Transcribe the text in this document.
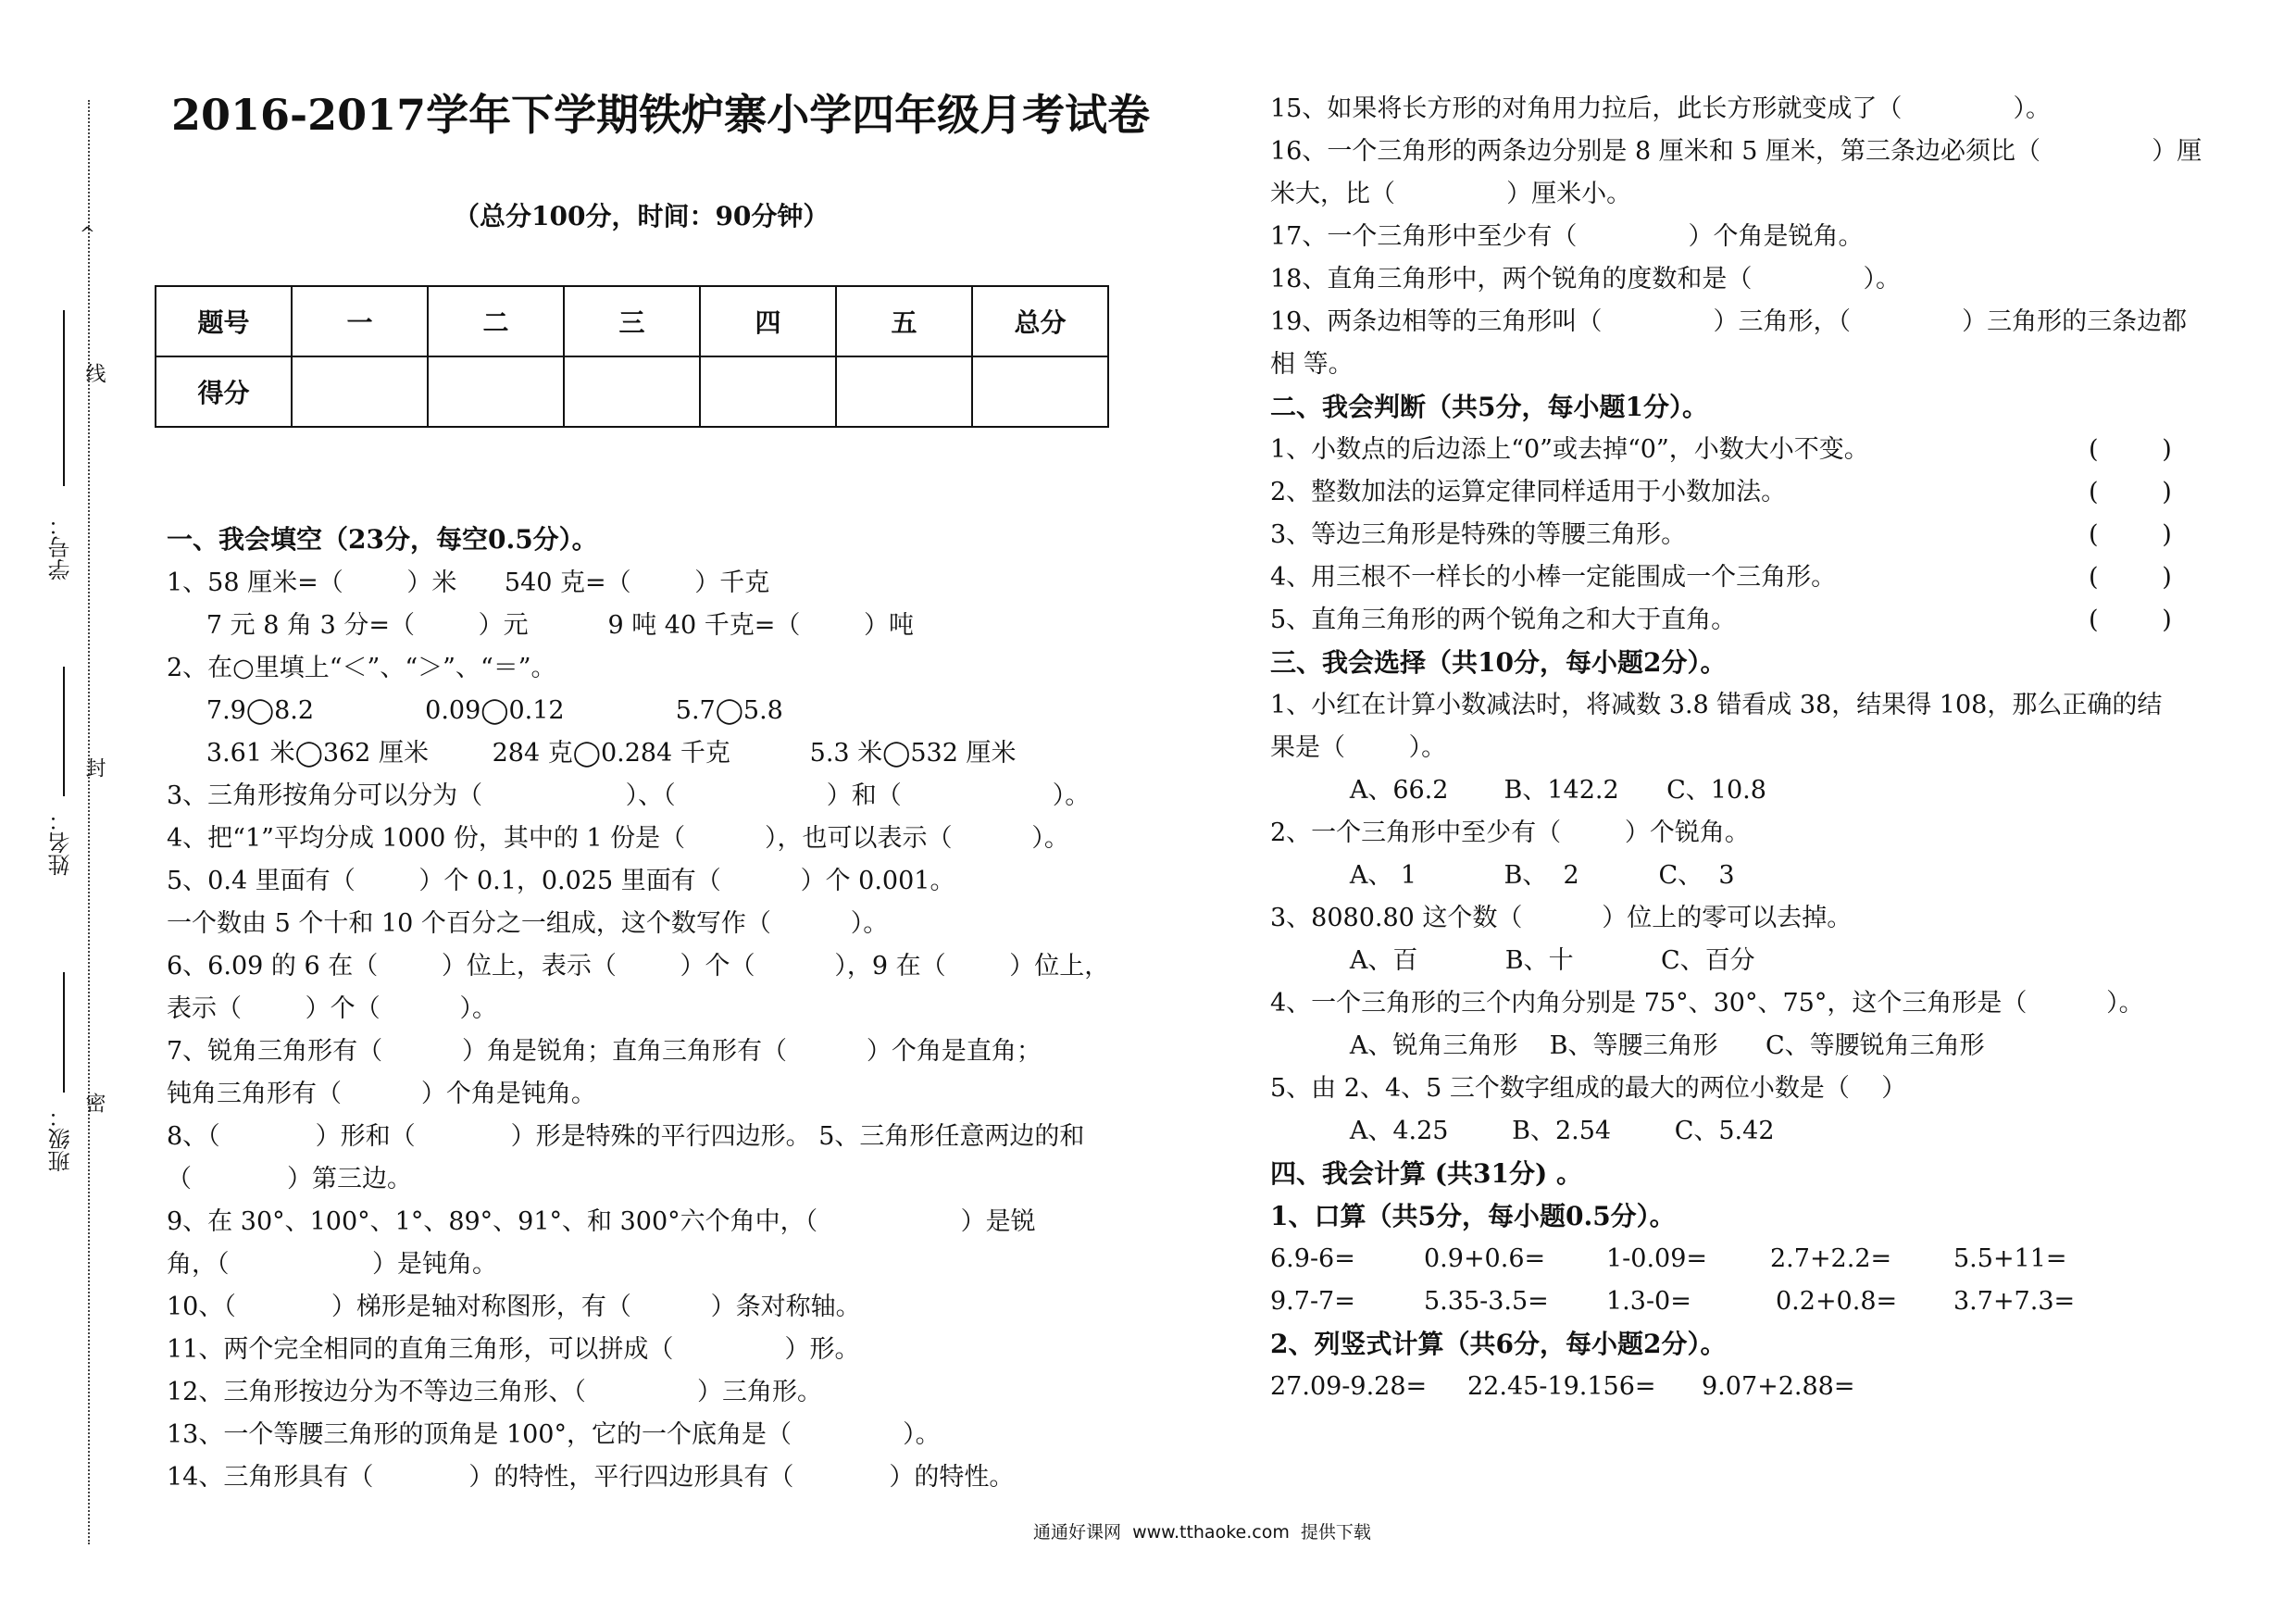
^
线
封
密
学号：
姓名：
班级：
2016-2017学年下学期铁炉寨小学四年级月考试卷
（总分100分，时间：90分钟）
题号	一	二	三	四	五	总分
得分						
一、我会填空（23分，每空0.5分）。
1、58 厘米=（        ）米      540 克=（        ）千克
7 元 8 角 3 分=（        ）元          9 吨 40 千克=（        ）吨
2、在○里填上“＜”、“＞”、“＝”。
7.9◯8.2              0.09◯0.12              5.7◯5.8
3.61 米◯362 厘米        284 克◯0.284 千克          5.3 米◯532 厘米
3、三角形按角分可以分为（                  ）、（                   ）和（                   ）。
4、把“1”平均分成 1000 份，其中的 1 份是（          ），也可以表示（          ）。
5、0.4 里面有（        ）个 0.1，0.025 里面有（          ）个 0.001。
一个数由 5 个十和 10 个百分之一组成，这个数写作（          ）。
6、6.09 的 6 在（        ）位上，表示（        ）个（          ），9 在（        ）位上，
表示（        ）个（          ）。
7、锐角三角形有（          ）角是锐角；直角三角形有（          ）个角是直角；
钝角三角形有（          ）个角是钝角。
8、（            ）形和（            ）形是特殊的平行四边形。 5、三角形任意两边的和
（            ）第三边。
9、在 30°、100°、1°、89°、91°、和 300°六个角中，（                  ）是锐
角，（                  ）是钝角。
10、（            ）梯形是轴对称图形，有（          ）条对称轴。
11、两个完全相同的直角三角形，可以拼成（              ）形。
12、三角形按边分为不等边三角形、（              ）三角形。
13、一个等腰三角形的顶角是 100°，它的一个底角是（              ）。
14、三角形具有（            ）的特性，平行四边形具有（            ）的特性。
15、如果将长方形的对角用力拉后，此长方形就变成了（              ）。
16、一个三角形的两条边分别是 8 厘米和 5 厘米，第三条边必须比（              ）厘
米大，比（              ）厘米小。
17、一个三角形中至少有（              ）个角是锐角。
18、直角三角形中，两个锐角的度数和是（              ）。
19、两条边相等的三角形叫（              ）三角形，（              ）三角形的三条边都
相 等。
二、我会判断（共5分，每小题1分）。
1、小数点的后边添上“0”或去掉“0”，小数大小不变。	(        )
2、整数加法的运算定律同样适用于小数加法。	(        )
3、等边三角形是特殊的等腰三角形。	(        )
4、用三根不一样长的小棒一定能围成一个三角形。	(        )
5、直角三角形的两个锐角之和大于直角。	(        )
三、我会选择（共10分，每小题2分）。
1、小红在计算小数减法时，将减数 3.8 错看成 38，结果得 108，那么正确的结
果是（        ）。
A、66.2       B、142.2      C、10.8
2、一个三角形中至少有（        ）个锐角。
A、 1           B、  2          C、  3
3、8080.80 这个数（          ）位上的零可以去掉。
A、百           B、十           C、百分
4、一个三角形的三个内角分别是 75°、30°、75°，这个三角形是（          ）。
A、锐角三角形    B、等腰三角形      C、等腰锐角三角形
5、由 2、4、5 三个数字组成的最大的两位小数是（    ）
A、4.25        B、2.54        C、5.42
四、我会计算 (共31分) 。
1、口算（共5分，每小题0.5分）。
6.9-6=	0.9+0.6= 1-0.09=	2.7+2.2= 5.5+11=
9.7-7=	5.35-3.5= 1.3-0=	0.2+0.8= 3.7+7.3=
2、列竖式计算（共6分，每小题2分）。
27.09-9.28= 22.45-19.156= 9.07+2.88=
通通好课网  www.tthaoke.com  提供下载
